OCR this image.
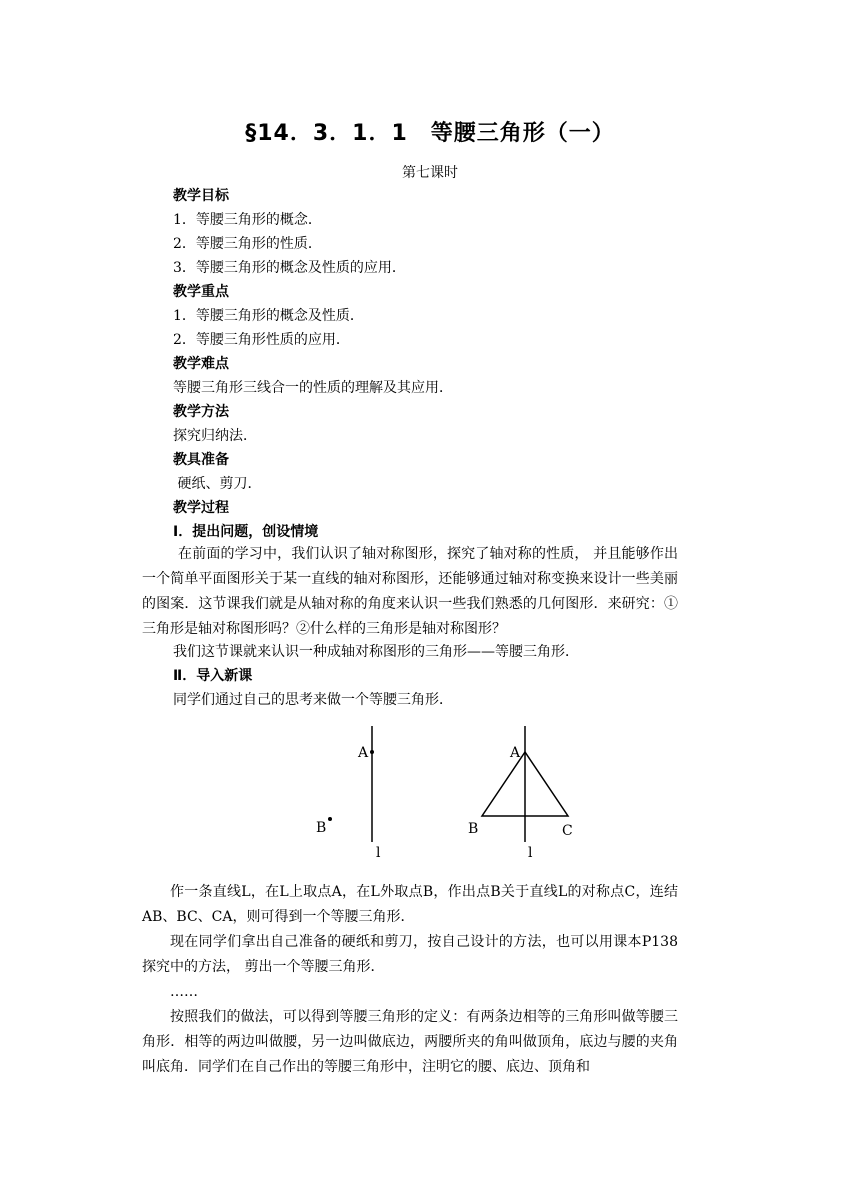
§14．3．1．1　等腰三角形（一）
第七课时
教学目标
1．等腰三角形的概念．
2．等腰三角形的性质．
3．等腰三角形的概念及性质的应用．
教学重点
1．等腰三角形的概念及性质．
2．等腰三角形性质的应用．
教学难点
等腰三角形三线合一的性质的理解及其应用．
教学方法
探究归纳法．
教具准备
硬纸、剪刀．
教学过程
Ⅰ．提出问题，创设情境

在前面的学习中，我们认识了轴对称图形，探究了轴对称的性质， 并且能够作出一个简单平面图形关于某一直线的轴对称图形，还能够通过轴对称变换来设计一些美丽的图案．这节课我们就是从轴对称的角度来认识一些我们熟悉的几何图形．来研究：①三角形是轴对称图形吗？②什么样的三角形是轴对称图形？

我们这节课就来认识一种成轴对称图形的三角形——等腰三角形．
Ⅱ．导入新课
同学们通过自己的思考来做一个等腰三角形．
A
B
l
A
B	C
l

作一条直线L，在L上取点A，在L外取点B，作出点B关于直线L的对称点C，连结AB、BC、CA，则可得到一个等腰三角形．

现在同学们拿出自己准备的硬纸和剪刀，按自己设计的方法，也可以用课本P138探究中的方法， 剪出一个等腰三角形．

……

按照我们的做法，可以得到等腰三角形的定义：有两条边相等的三角形叫做等腰三角形．相等的两边叫做腰，另一边叫做底边，两腰所夹的角叫做顶角，底边与腰的夹角叫底角．同学们在自己作出的等腰三角形中，注明它的腰、底边、顶角和
